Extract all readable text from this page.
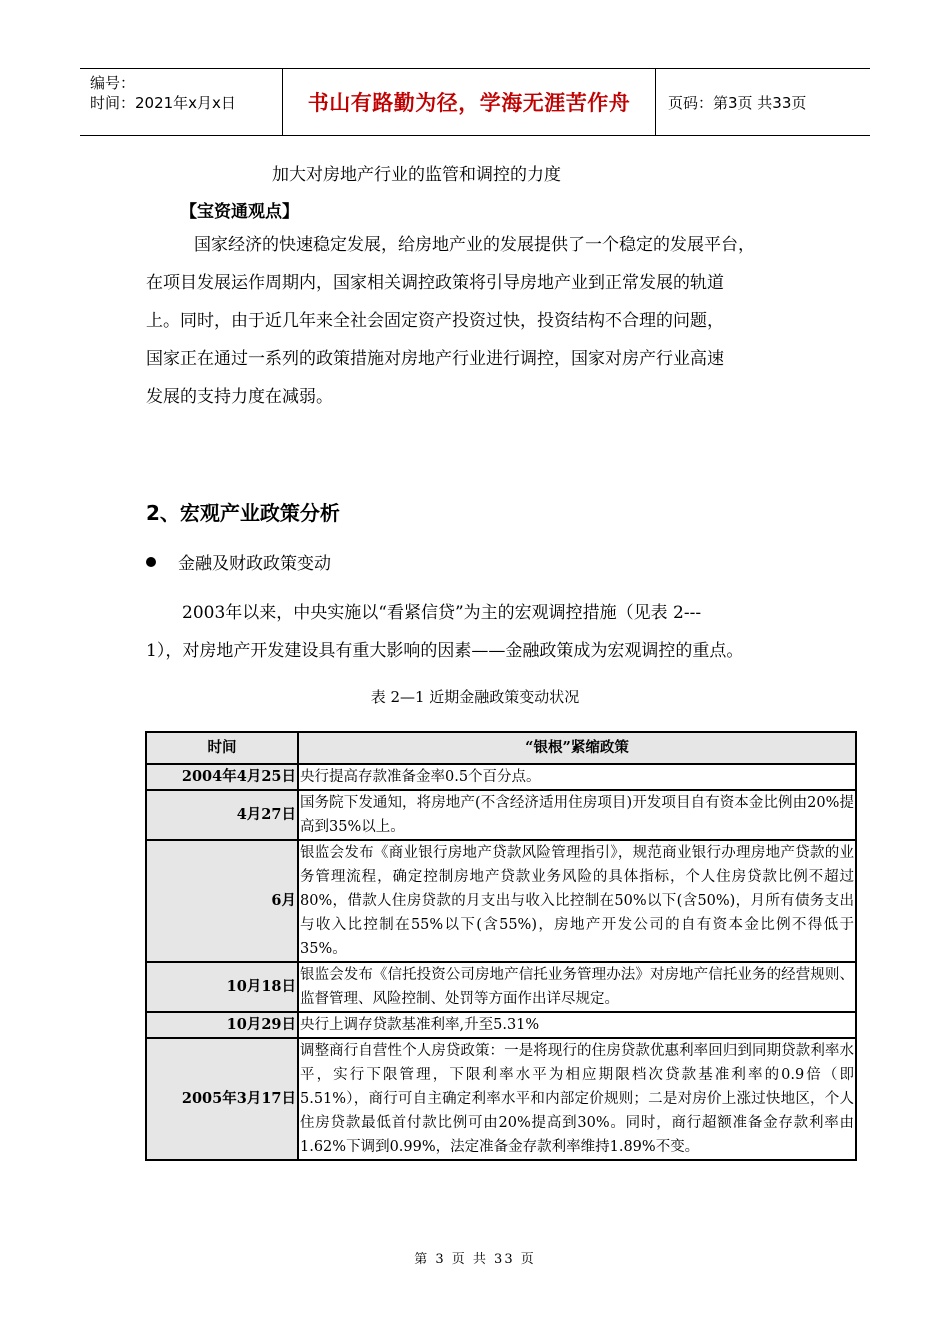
编号：
时间：2021年x月x日	书山有路勤为径，学海无涯苦作舟	页码：第3页 共33页
加大对房地产行业的监管和调控的力度
【宝资通观点】
国家经济的快速稳定发展，给房地产业的发展提供了一个稳定的发展平台，
在项目发展运作周期内，国家相关调控政策将引导房地产业到正常发展的轨道
上。同时，由于近几年来全社会固定资产投资过快，投资结构不合理的问题，
国家正在通过一系列的政策措施对房地产行业进行调控，国家对房产行业高速
发展的支持力度在减弱。
2、宏观产业政策分析
金融及财政政策变动
2003年以来，中央实施以“看紧信贷”为主的宏观调控措施（见表 2---
1），对房地产开发建设具有重大影响的因素——金融政策成为宏观调控的重点。
表 2—1 近期金融政策变动状况
时间	“银根”紧缩政策
2004年4月25日	央行提高存款准备金率0.5个百分点。
4月27日	国务院下发通知，将房地产(不含经济适用住房项目)开发项目自有资本金比例由20%提高到35%以上。
6月	银监会发布《商业银行房地产贷款风险管理指引》，规范商业银行办理房地产贷款的业务管理流程，确定控制房地产贷款业务风险的具体指标，个人住房贷款比例不超过80%，借款人住房贷款的月支出与收入比控制在50%以下(含50%)，月所有债务支出与收入比控制在55%以下(含55%)，房地产开发公司的自有资本金比例不得低于35%。
10月18日	银监会发布《信托投资公司房地产信托业务管理办法》对房地产信托业务的经营规则、监督管理、风险控制、处罚等方面作出详尽规定。
10月29日	央行上调存贷款基准利率,升至5.31%
2005年3月17日	调整商行自营性个人房贷政策：一是将现行的住房贷款优惠利率回归到同期贷款利率水平，实行下限管理，下限利率水平为相应期限档次贷款基准利率的0.9倍（即5.51%），商行可自主确定利率水平和内部定价规则；二是对房价上涨过快地区，个人住房贷款最低首付款比例可由20%提高到30%。同时，商行超额准备金存款利率由1.62%下调到0.99%，法定准备金存款利率维持1.89%不变。
第 3 页 共 33 页
